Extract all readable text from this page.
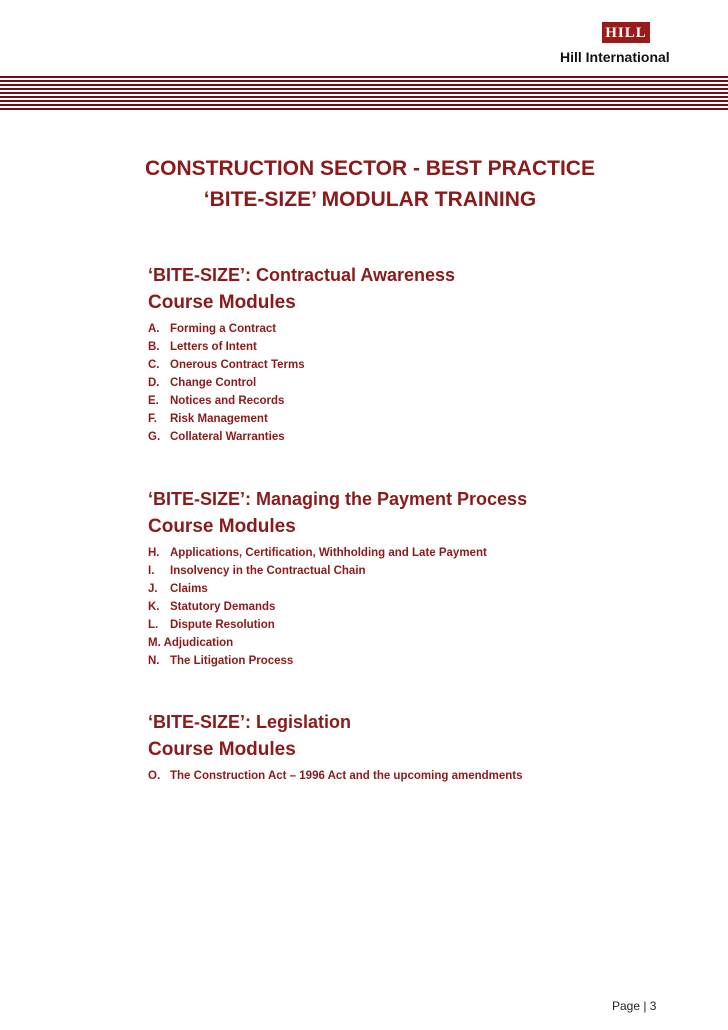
HILL
Hill International
CONSTRUCTION SECTOR - BEST PRACTICE
‘BITE-SIZE’ MODULAR TRAINING
‘BITE-SIZE’: Contractual Awareness
Course Modules
A. Forming a Contract
B. Letters of Intent
C. Onerous Contract Terms
D. Change Control
E. Notices and Records
F. Risk Management
G. Collateral Warranties
‘BITE-SIZE’: Managing the Payment Process
Course Modules
H. Applications, Certification, Withholding and Late Payment
I. Insolvency in the Contractual Chain
J. Claims
K. Statutory Demands
L. Dispute Resolution
M. Adjudication
N. The Litigation Process
‘BITE-SIZE’: Legislation
Course Modules
O. The Construction Act – 1996 Act and the upcoming amendments
Page | 3
